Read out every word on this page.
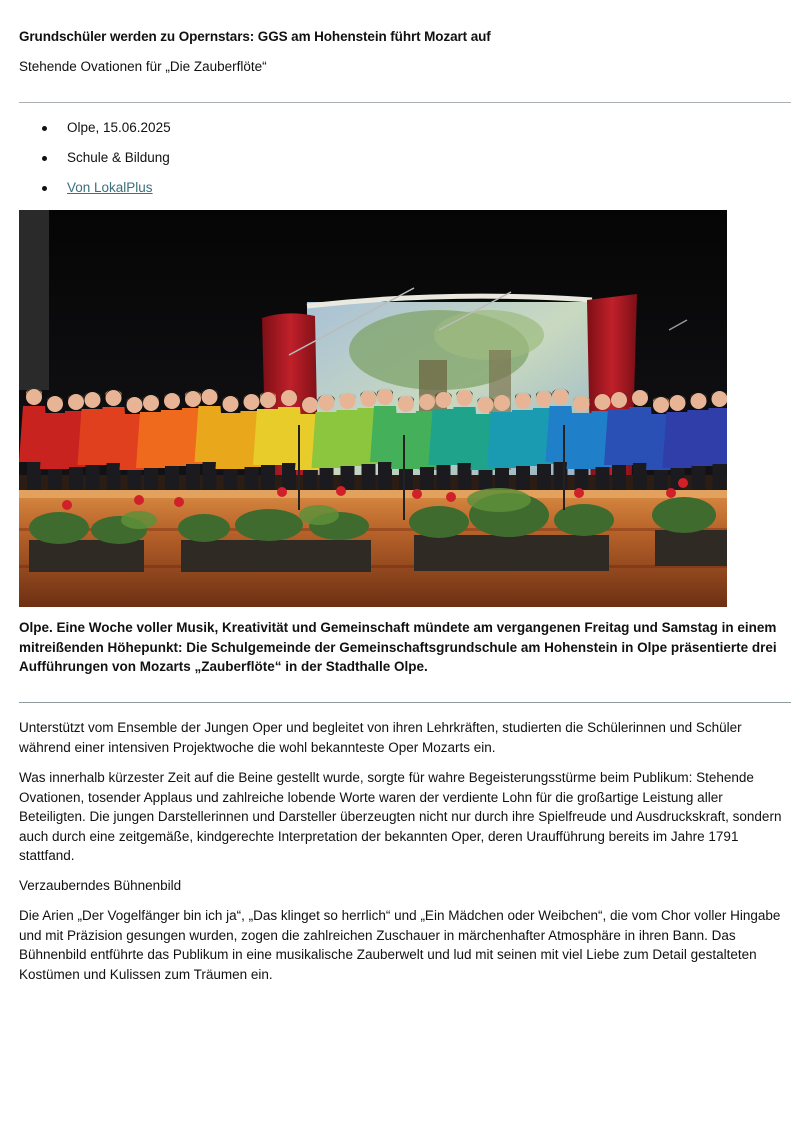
Grundschüler werden zu Opernstars: GGS am Hohenstein führt Mozart auf

Stehende Ovationen für „Die Zauberflöte“

Olpe, 15.06.2025
Schule & Bildung
Von LokalPlus

Olpe. Eine Woche voller Musik, Kreativität und Gemeinschaft mündete am vergangenen Freitag und Samstag in einem mitreißenden Höhepunkt: Die Schulgemeinde der Gemeinschaftsgrundschule am Hohenstein in Olpe präsentierte drei Aufführungen von Mozarts „Zauberflöte“ in der Stadthalle Olpe.

Unterstützt vom Ensemble der Jungen Oper und begleitet von ihren Lehrkräften, studierten die Schülerinnen und Schüler während einer intensiven Projektwoche die wohl bekannteste Oper Mozarts ein.

Was innerhalb kürzester Zeit auf die Beine gestellt wurde, sorgte für wahre Begeisterungsstürme beim Publikum: Stehende Ovationen, tosender Applaus und zahlreiche lobende Worte waren der verdiente Lohn für die großartige Leistung aller Beteiligten. Die jungen Darstellerinnen und Darsteller überzeugten nicht nur durch ihre Spielfreude und Ausdruckskraft, sondern auch durch eine zeitgemäße, kindgerechte Interpretation der bekannten Oper, deren Uraufführung bereits im Jahre 1791 stattfand.

Verzauberndes Bühnenbild

Die Arien „Der Vogelfänger bin ich ja“, „Das klinget so herrlich“ und „Ein Mädchen oder Weibchen“, die vom Chor voller Hingabe und mit Präzision gesungen wurden, zogen die zahlreichen Zuschauer in märchenhafter Atmosphäre in ihren Bann. Das Bühnenbild entführte das Publikum in eine musikalische Zauberwelt und lud mit seinen mit viel Liebe zum Detail gestalteten Kostümen und Kulissen zum Träumen ein.
